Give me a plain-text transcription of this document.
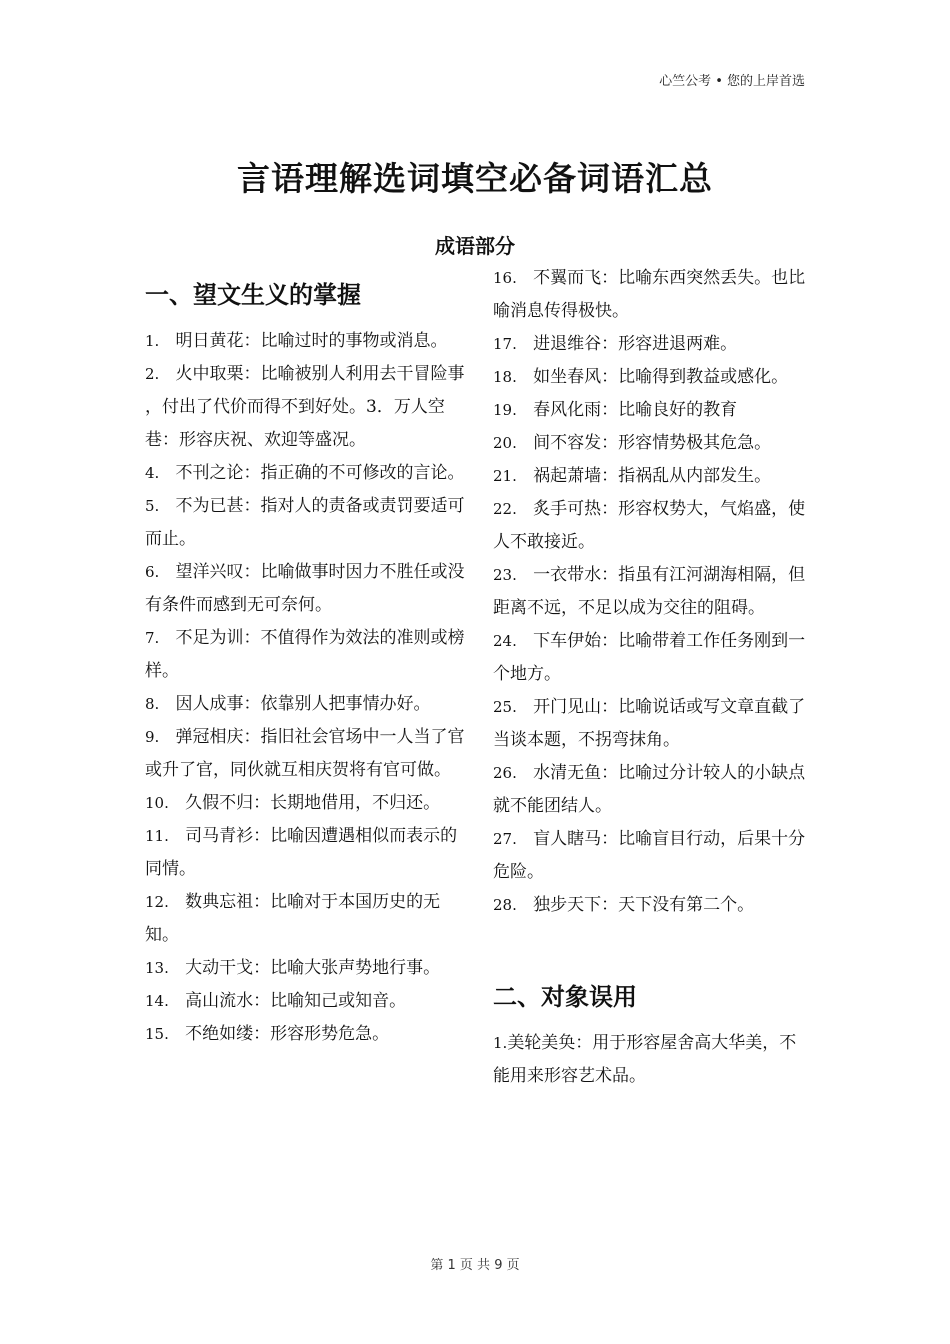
心竺公考 • 您的上岸首选
言语理解选词填空必备词语汇总
成语部分
一、望文生义的掌握

1. 明日黄花：比喻过时的事物或消息。

2. 火中取栗：比喻被别人利用去干冒险事 ，付出了代价而得不到好处。3．万人空巷：形容庆祝、欢迎等盛况。

4. 不刊之论：指正确的不可修改的言论。

5. 不为已甚：指对人的责备或责罚要适可而止。

6. 望洋兴叹：比喻做事时因力不胜任或没有条件而感到无可奈何。

7. 不足为训：不值得作为效法的准则或榜样。

8. 因人成事：依靠别人把事情办好。

9. 弹冠相庆：指旧社会官场中一人当了官或升了官，同伙就互相庆贺将有官可做。

10. 久假不归：长期地借用，不归还。

11. 司马青衫：比喻因遭遇相似而表示的同情。

12. 数典忘祖：比喻对于本国历史的无知。

13. 大动干戈：比喻大张声势地行事。

14. 高山流水：比喻知己或知音。

15. 不绝如缕：形容形势危急。

16. 不翼而飞：比喻东西突然丢失。也比喻消息传得极快。

17. 进退维谷：形容进退两难。

18. 如坐春风：比喻得到教益或感化。

19. 春风化雨：比喻良好的教育

20. 间不容发：形容情势极其危急。

21. 祸起萧墙：指祸乱从内部发生。

22. 炙手可热：形容权势大，气焰盛，使人不敢接近。

23. 一衣带水：指虽有江河湖海相隔，但距离不远，不足以成为交往的阻碍。

24. 下车伊始：比喻带着工作任务刚到一个地方。

25. 开门见山：比喻说话或写文章直截了当谈本题，不拐弯抹角。

26. 水清无鱼：比喻过分计较人的小缺点就不能团结人。

27. 盲人瞎马：比喻盲目行动，后果十分危险。

28. 独步天下：天下没有第二个。

二、对象误用

1.美轮美奂：用于形容屋舍高大华美，不能用来形容艺术品。

第 1 页 共 9 页
